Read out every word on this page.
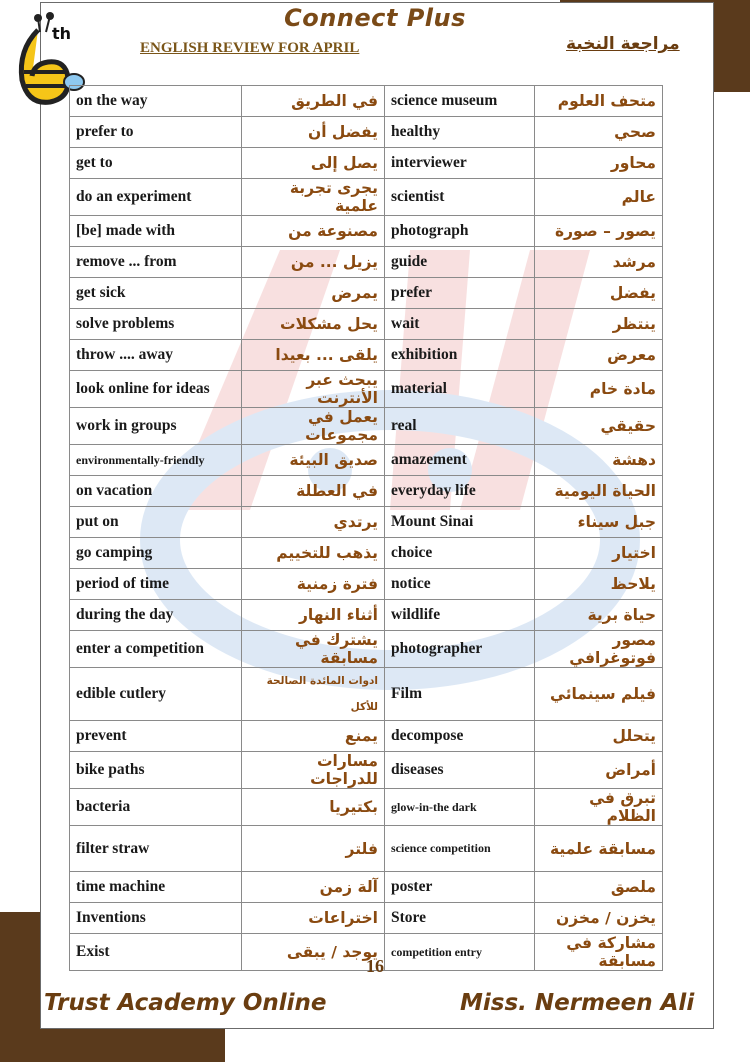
Connect Plus
th
ENGLISH REVIEW FOR APRIL	مراجعة النخبة
on the way	في الطريق	science museum	متحف العلوم
prefer to	يفضل أن	healthy	صحي
get to	يصل إلى	interviewer	محاور
do an experiment	يجرى تجربة علمية	scientist	عالم
[be] made with	مصنوعة من	photograph	يصور – صورة
remove ... from	يزيل ... من	guide	مرشد
get sick	يمرض	prefer	يفضل
solve problems	يحل مشكلات	wait	ينتظر
throw .... away	يلقى ... بعيدا	exhibition	معرض
look online for ideas	يبحث عبر الأنترنت	material	مادة خام
work in groups	يعمل في مجموعات	real	حقيقي
environmentally-friendly	صديق البيئة	amazement	دهشة
on vacation	في العطلة	everyday life	الحياة اليومية
put on	يرتدي	Mount Sinai	جبل سيناء
go camping	يذهب للتخييم	choice	اختيار
period of time	فترة زمنية	notice	يلاحظ
during the day	أثناء النهار	wildlife	حياة برية
enter a competition	يشترك في مسابقة	photographer	مصور فوتوغرافي
edible cutlery	ادوات المائدة الصالحة للأكل	Film	فيلم سينمائي
prevent	يمنع	decompose	يتحلل
bike paths	مسارات للدراجات	diseases	أمراض
bacteria	بكتيريا	glow-in-the dark	تبرق في الظلام
filter straw	فلتر	science competition	مسابقة علمية
time machine	آلة زمن	poster	ملصق
Inventions	اختراعات	Store	يخزن / مخزن
Exist	يوجد / يبقى	competition entry	مشاركة في مسابقة
16
Trust Academy Online	Miss. Nermeen Ali
